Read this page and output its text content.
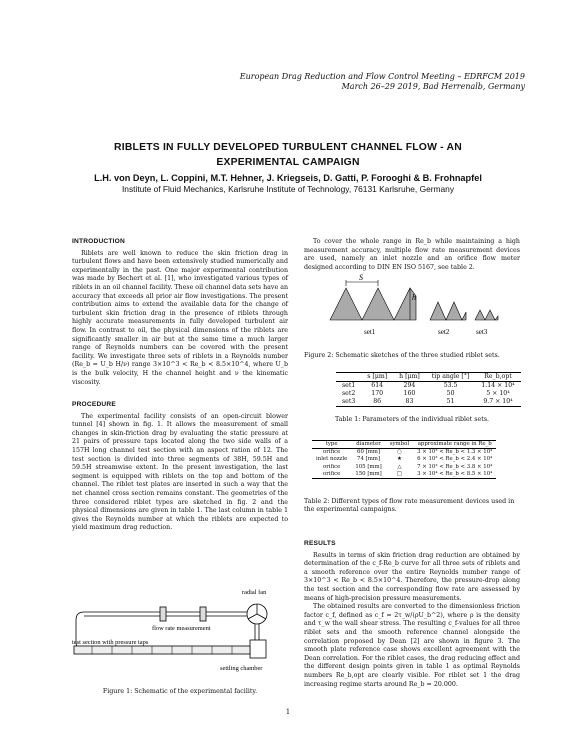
European Drag Reduction and Flow Control Meeting – EDRFCM 2019
March 26–29 2019, Bad Herrenalb, Germany
RIBLETS IN FULLY DEVELOPED TURBULENT CHANNEL FLOW - AN
EXPERIMENTAL CAMPAIGN
L.H. von Deyn, L. Coppini, M.T. Hehner, J. Kriegseis, D. Gatti, P. Forooghi & B. Frohnapfel
Institute of Fluid Mechanics, Karlsruhe Institute of Technology, 76131 Karlsruhe, Germany
INTRODUCTION

Riblets are well known to reduce the skin friction drag in turbulent flows and have been extensively studied numerically and experimentally in the past. One major experimental contribution was made by Bechert et al. [1], who investigated various types of riblets in an oil channel facility. These oil channel data sets have an accuracy that exceeds all prior air flow investigations. The present contribution aims to extend the available data for the change of turbulent skin friction drag in the presence of riblets through highly accurate measurements in fully developed turbulent air flow. In contrast to oil, the physical dimensions of the riblets are significantly smaller in air but at the same time a much larger range of Reynolds numbers can be covered with the present facility. We investigate three sets of riblets in a Reynolds number (Re_b = U_b H/ν) range 3×10^3 < Re_b < 8.5×10^4, where U_b is the bulk velocity, H the channel height and ν the kinematic viscosity.

PROCEDURE

The experimental facility consists of an open-circuit blower tunnel [4] shown in fig. 1. It allows the measurement of small changes in skin-friction drag by evaluating the static pressure at 21 pairs of pressure taps located along the two side walls of a 157H long channel test section with an aspect ration of 12. The test section is divided into three segments of 38H, 59.5H and 59.5H streamwise extent. In the present investigation, the last segment is equipped with riblets on the top and bottom of the channel. The riblet test plates are inserted in such a way that the net channel cross section remains constant. The geometries of the three considered riblet types are sketched in fig. 2 and the physical dimensions are given in table 1. The last column in table 1 gives the Reynolds number at which the riblets are expected to yield maximum drag reduction.

radial fan
flow rate measurement
test section with pressure taps
settling chamber
Figure 1: Schematic of the experimental facility.

To cover the whole range in Re_b while maintaining a high measurement accuracy, multiple flow rate measurement devices are used, namely an inlet nozzle and an orifice flow meter designed according to DIN EN ISO 5167, see table 2.

S
h
set1	set2	set3
Figure 2: Schematic sketches of the three studied riblet sets.
	s [μm]	h [μm]	tip angle [°]	Re_b,opt
set1	614	294	53.5	1.14 × 10⁴
set2	170	160	50	5 × 10⁴
set3	86	83	51	9.7 × 10⁴
Table 1: Parameters of the individual riblet sets.
type	diameter	symbol	approximate range in Re_b
orifice	60 [mm]	○	3 × 10³ < Re_b < 1.3 × 10⁴
inlet nozzle	74 [mm]	★	6 × 10³ < Re_b < 2.4 × 10⁴
orifice	105 [mm]	△	7 × 10³ < Re_b < 3.8 × 10⁴
orifice	150 [mm]	□	3 × 10⁴ < Re_b < 8.5 × 10⁴
Table 2: Different types of flow rate measurement devices used in the experimental campaigns.
RESULTS

Results in terms of skin friction drag reduction are obtained by determination of the c_f-Re_b curve for all three sets of riblets and a smooth reference over the entire Reynolds number range of 3×10^3 < Re_b < 8.5×10^4. Therefore, the pressure-drop along the test section and the corresponding flow rate are assessed by means of high-precision pressure measurements.

The obtained results are converted to the dimensionless friction factor c_f, defined as c_f = 2τ_w/(ρU_b^2), where ρ is the density and τ_w the wall shear stress. The resulting c_f-values for all three riblet sets and the smooth reference channel alongside the correlation proposed by Dean [2] are shown in figure 3. The smooth plate reference case shows excellent agreement with the Dean correlation. For the riblet cases, the drag reducing effect and the different design points given in table 1 as optimal Reynolds numbers Re_b,opt are clearly visible. For riblet set 1 the drag increasing regime starts around Re_b = 20.000.

1
